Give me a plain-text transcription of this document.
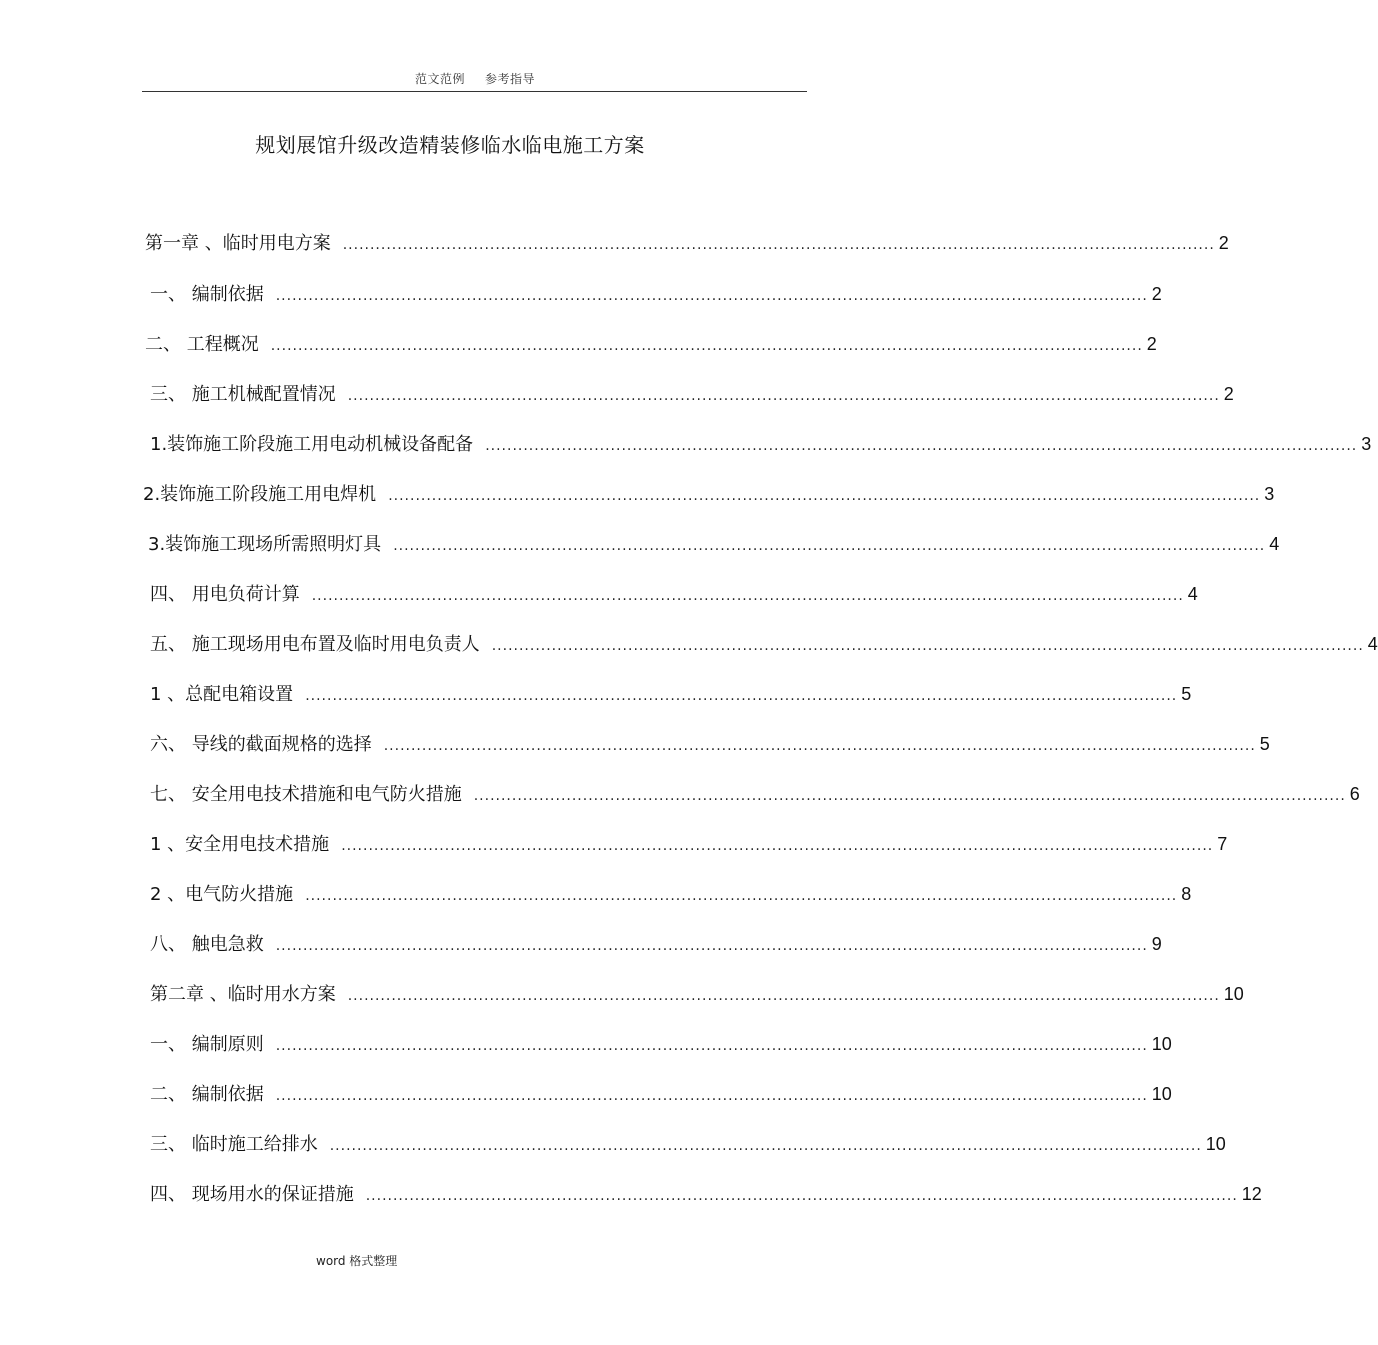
范文范例 参考指导
规划展馆升级改造精装修临水临电施工方案
第一章 、临时用电方案 ................................................................................................................................................................ 2
一、 编制依据 ................................................................................................................................................................ 2
二、 工程概况 ................................................................................................................................................................ 2
三、 施工机械配置情况 ................................................................................................................................................................ 2
1.装饰施工阶段施工用电动机械设备配备 ................................................................................................................................................................ 3
2.装饰施工阶段施工用电焊机 ................................................................................................................................................................ 3
3.装饰施工现场所需照明灯具 ................................................................................................................................................................ 4
四、 用电负荷计算 ................................................................................................................................................................ 4
五、 施工现场用电布置及临时用电负责人 ................................................................................................................................................................ 4
1 、总配电箱设置 ................................................................................................................................................................ 5
六、 导线的截面规格的选择 ................................................................................................................................................................ 5
七、 安全用电技术措施和电气防火措施 ................................................................................................................................................................ 6
1 、安全用电技术措施 ................................................................................................................................................................ 7
2 、电气防火措施 ................................................................................................................................................................ 8
八、 触电急救 ................................................................................................................................................................ 9
第二章 、临时用水方案 ................................................................................................................................................................ 10
一、 编制原则 ................................................................................................................................................................ 10
二、 编制依据 ................................................................................................................................................................ 10
三、 临时施工给排水 ................................................................................................................................................................ 10
四、 现场用水的保证措施 ................................................................................................................................................................ 12
word 格式整理
